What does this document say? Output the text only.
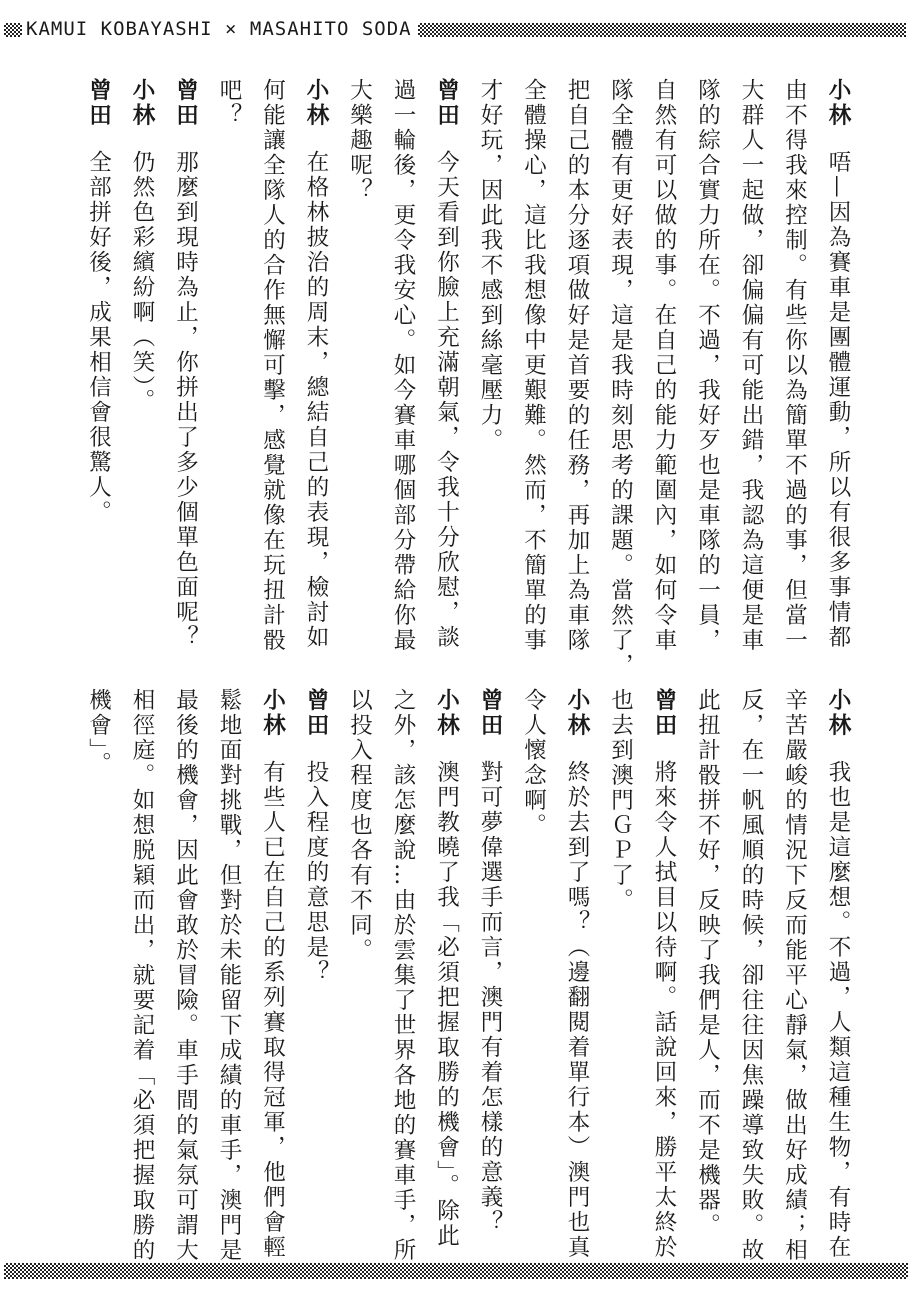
KAMUI KOBAYASHI × MASAHITO SODA
小林唔—因為賽車是團體運動，所以有很多事情都
由不得我來控制。有些你以為簡單不過的事，但當一
大群人一起做，卻偏偏有可能出錯，我認為這便是車
隊的綜合實力所在。不過，我好歹也是車隊的一員，
自然有可以做的事。在自己的能力範圍內，如何令車
隊全體有更好表現，這是我時刻思考的課題。當然了，
把自己的本分逐項做好是首要的任務，再加上為車隊
全體操心，這比我想像中更艱難。然而，不簡單的事
才好玩，因此我不感到絲毫壓力。
曾田今天看到你臉上充滿朝氣，令我十分欣慰，談
過一輪後，更令我安心。如今賽車哪個部分帶給你最
大樂趣呢？
小林在格林披治的周末，總結自己的表現，檢討如
何能讓全隊人的合作無懈可擊，感覺就像在玩扭計骰
吧？
曾田那麼到現時為止，你拼出了多少個單色面呢？
小林仍然色彩繽紛啊（笑）。
曾田全部拼好後，成果相信會很驚人。
小林我也是這麼想。不過，人類這種生物，有時在
辛苦嚴峻的情況下反而能平心靜氣，做出好成績；相
反，在一帆風順的時候，卻往往因焦躁導致失敗。故
此扭計骰拼不好，反映了我們是人，而不是機器。
曾田將來令人拭目以待啊。話說回來，勝平太終於
也去到澳門ＧＰ了。
小林終於去到了嗎？（邊翻閱着單行本）澳門也真
令人懷念啊。
曾田對可夢偉選手而言，澳門有着怎樣的意義？
小林澳門教曉了我「必須把握取勝的機會」。除此
之外，該怎麼說…由於雲集了世界各地的賽車手，所
以投入程度也各有不同。
曾田投入程度的意思是？
小林有些人已在自己的系列賽取得冠軍，他們會輕
鬆地面對挑戰，但對於未能留下成績的車手，澳門是
最後的機會，因此會敢於冒險。車手間的氣氛可謂大
相徑庭。如想脱穎而出，就要記着「必須把握取勝的
機會」。
